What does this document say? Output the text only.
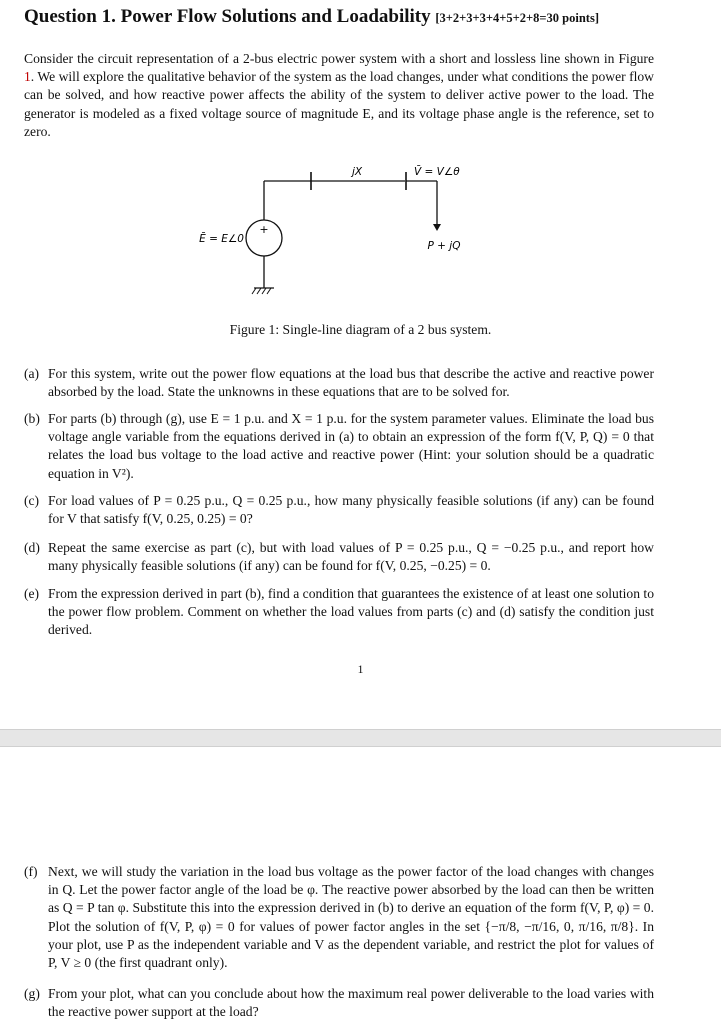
Question 1. Power Flow Solutions and Loadability [3+2+3+3+4+5+2+8=30 points]
Consider the circuit representation of a 2-bus electric power system with a short and lossless line shown in Figure 1. We will explore the qualitative behavior of the system as the load changes, under what conditions the power flow can be solved, and how reactive power affects the ability of the system to deliver active power to the load. The generator is modeled as a fixed voltage source of magnitude E, and its voltage phase angle is the reference, set to zero.
+
jX	V̄ = V∠θ
Ē = E∠0
P + jQ
Figure 1: Single-line diagram of a 2 bus system.
(a) For this system, write out the power flow equations at the load bus that describe the active and reactive power absorbed by the load. State the unknowns in these equations that are to be solved for.
(b) For parts (b) through (g), use E = 1 p.u. and X = 1 p.u. for the system parameter values. Eliminate the load bus voltage angle variable from the equations derived in (a) to obtain an expression of the form f(V, P, Q) = 0 that relates the load bus voltage to the load active and reactive power (Hint: your solution should be a quadratic equation in V²).
(c) For load values of P = 0.25 p.u., Q = 0.25 p.u., how many physically feasible solutions (if any) can be found for V that satisfy f(V, 0.25, 0.25) = 0?
(d) Repeat the same exercise as part (c), but with load values of P = 0.25 p.u., Q = −0.25 p.u., and report how many physically feasible solutions (if any) can be found for f(V, 0.25, −0.25) = 0.
(e) From the expression derived in part (b), find a condition that guarantees the existence of at least one solution to the power flow problem. Comment on whether the load values from parts (c) and (d) satisfy the condition just derived.
1
(f) Next, we will study the variation in the load bus voltage as the power factor of the load changes with changes in Q. Let the power factor angle of the load be φ. The reactive power absorbed by the load can then be written as Q = P tan φ. Substitute this into the expression derived in (b) to derive an equation of the form f(V, P, φ) = 0. Plot the solution of f(V, P, φ) = 0 for values of power factor angles in the set {−π/8, −π/16, 0, π/16, π/8}. In your plot, use P as the independent variable and V as the dependent variable, and restrict the plot for values of P, V ≥ 0 (the first quadrant only).
(g) From your plot, what can you conclude about how the maximum real power deliverable to the load varies with the reactive power support at the load?
